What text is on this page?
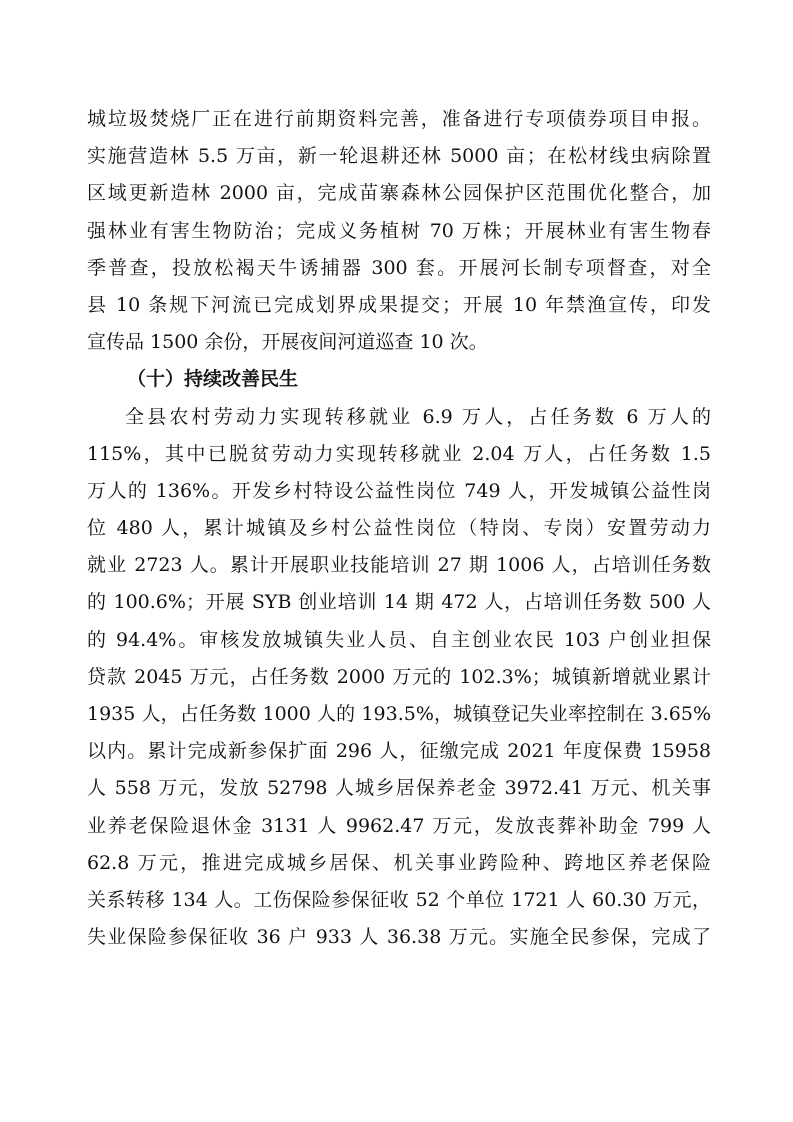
城垃圾焚烧厂正在进行前期资料完善，准备进行专项债券项目申报。
实施营造林 5.5 万亩，新一轮退耕还林 5000 亩；在松材线虫病除置
区域更新造林 2000 亩，完成苗寨森林公园保护区范围优化整合，加
强林业有害生物防治；完成义务植树 70 万株；开展林业有害生物春
季普查，投放松褐天牛诱捕器 300 套。开展河长制专项督查，对全
县 10 条规下河流已完成划界成果提交；开展 10 年禁渔宣传，印发
宣传品 1500 余份，开展夜间河道巡查 10 次。
（十）持续改善民生
全县农村劳动力实现转移就业 6.9 万人，占任务数 6 万人的
115%，其中已脱贫劳动力实现转移就业 2.04 万人，占任务数 1.5
万人的 136%。开发乡村特设公益性岗位 749 人，开发城镇公益性岗
位 480 人，累计城镇及乡村公益性岗位（特岗、专岗）安置劳动力
就业 2723 人。累计开展职业技能培训 27 期 1006 人，占培训任务数
的 100.6%；开展 SYB 创业培训 14 期 472 人，占培训任务数 500 人
的 94.4%。审核发放城镇失业人员、自主创业农民 103 户创业担保
贷款 2045 万元，占任务数 2000 万元的 102.3%；城镇新增就业累计
1935 人，占任务数 1000 人的 193.5%，城镇登记失业率控制在 3.65%
以内。累计完成新参保扩面 296 人，征缴完成 2021 年度保费 15958
人 558 万元，发放 52798 人城乡居保养老金 3972.41 万元、机关事
业养老保险退休金 3131 人 9962.47 万元，发放丧葬补助金 799 人
62.8 万元，推进完成城乡居保、机关事业跨险种、跨地区养老保险
关系转移 134 人。工伤保险参保征收 52 个单位 1721 人 60.30 万元，
失业保险参保征收 36 户 933 人 36.38 万元。实施全民参保，完成了
